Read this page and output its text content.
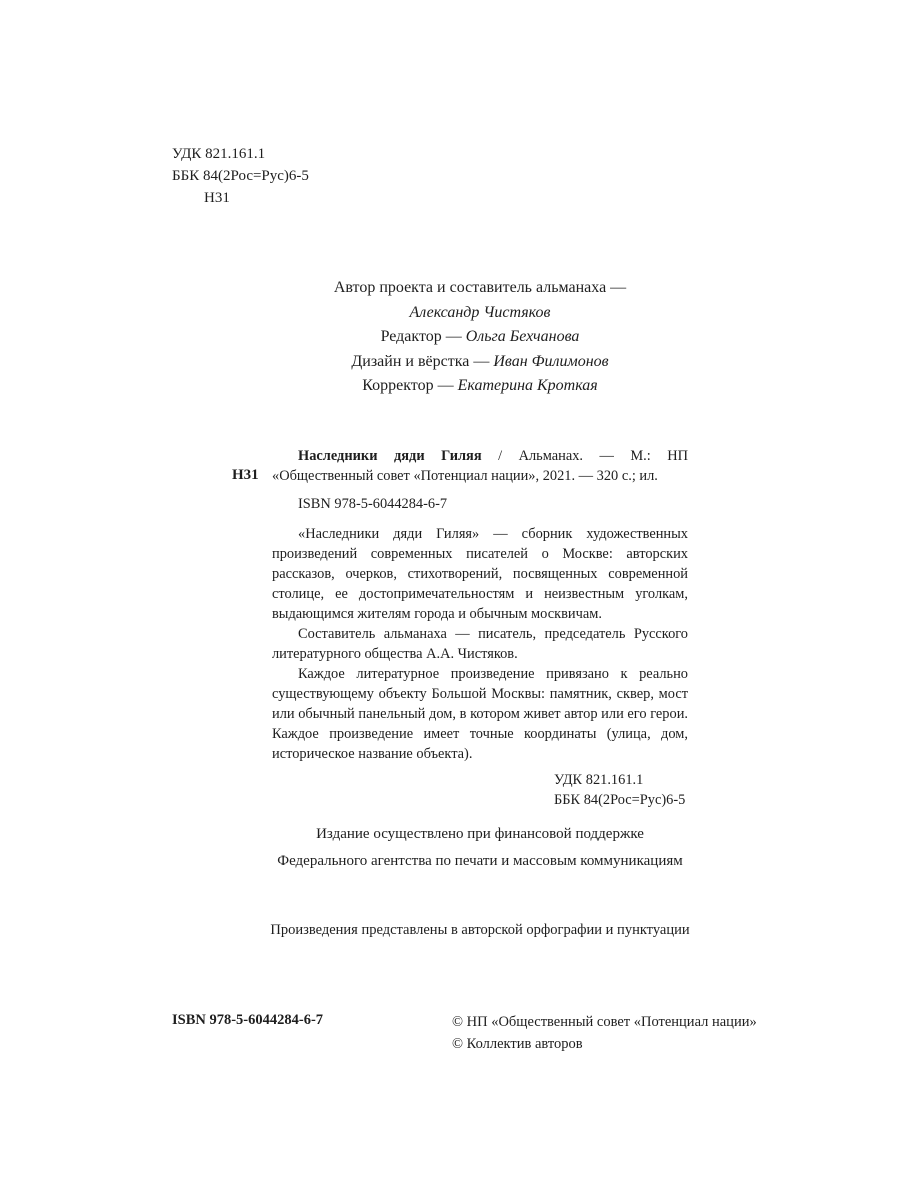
УДК 821.161.1
ББК 84(2Рос=Рус)6-5
Н31
Автор проекта и составитель альманаха —
Александр Чистяков
Редактор — Ольга Бехчанова
Дизайн и вёрстка — Иван Филимонов
Корректор — Екатерина Кроткая
Н31

Наследники дяди Гиляя / Альманах. — М.: НП «Общественный совет «Потенциал нации», 2021. — 320 с.; ил.

ISBN 978-5-6044284-6-7

«Наследники дяди Гиляя» — сборник художественных произведений современных писателей о Москве: авторских рассказов, очерков, стихотворений, посвященных современной столице, ее достопримечательностям и неизвестным уголкам, выдающимся жителям города и обычным москвичам.

Составитель альманаха — писатель, председатель Русского литературного общества А.А. Чистяков.

Каждое литературное произведение привязано к реально существующему объекту Большой Москвы: памятник, сквер, мост или обычный панельный дом, в котором живет автор или его герои. Каждое произведение имеет точные координаты (улица, дом, историческое название объекта).

УДК 821.161.1
ББК 84(2Рос=Рус)6-5

Издание осуществлено при финансовой поддержке
Федерального агентства по печати и массовым коммуникациям
Произведения представлены в авторской орфографии и пунктуации
ISBN 978-5-6044284-6-7	© НП «Общественный совет «Потенциал нации»
© Коллектив авторов
